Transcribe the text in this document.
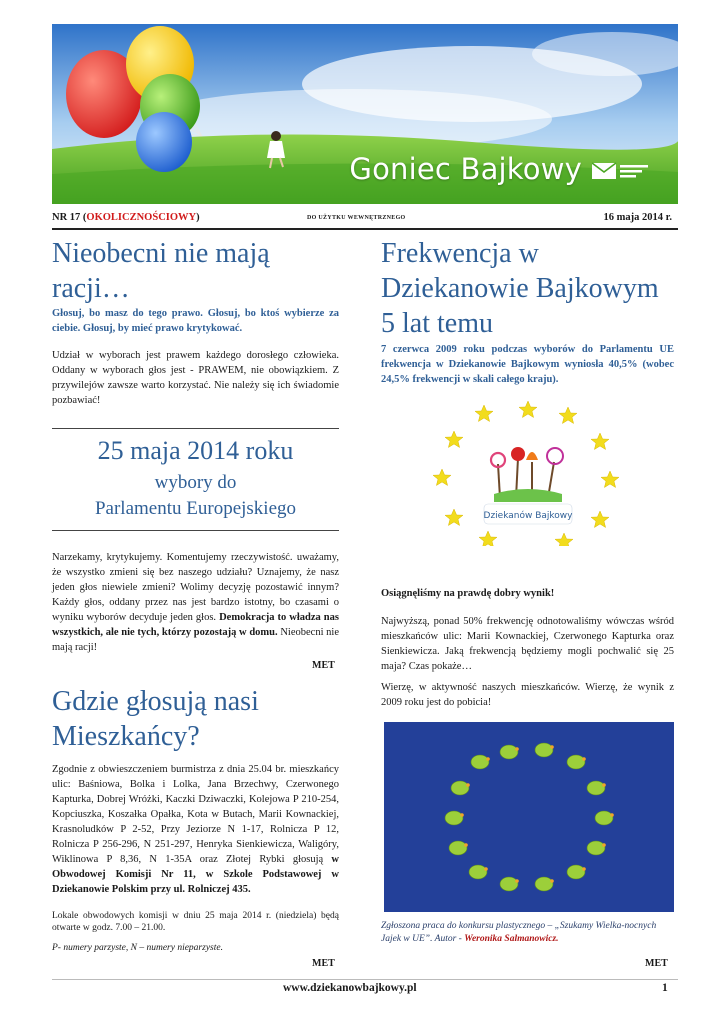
Goniec Bajkowy
NR 17 (OKOLICZNOŚCIOWY)	DO UŻYTKU WEWNĘTRZNEGO	16 maja 2014 r.
Nieobecni nie mają
racji…
Głosuj, bo masz do tego prawo. Głosuj, bo ktoś wybierze za ciebie. Głosuj, by mieć prawo krytykować.
Udział w wyborach jest prawem każdego dorosłego człowieka. Oddany w wyborach głos jest - PRAWEM, nie obowiązkiem. Z przywilejów zawsze warto korzystać. Nie należy się ich świadomie pozbawiać!
25 maja 2014 roku
wybory do
Parlamentu Europejskiego
Narzekamy, krytykujemy. Komentujemy rzeczywistość. uważamy, że wszystko zmieni się bez naszego udziału? Uznajemy, że nasz jeden głos niewiele zmieni? Wolimy decyzję pozostawić innym? Każdy głos, oddany przez nas jest bardzo istotny, bo czasami o wyniku wyborów decyduje jeden głos. Demokracja to władza nas wszystkich, ale nie tych, którzy pozostają w domu. Nieobecni nie mają racji!
MET
Gdzie głosują nasi
Mieszkańcy?
Zgodnie z obwieszczeniem burmistrza z dnia 25.04 br. mieszkańcy ulic: Baśniowa, Bolka i Lolka, Jana Brzechwy, Czerwonego Kapturka, Dobrej Wróżki, Kaczki Dziwaczki, Kolejowa P 210-254, Kopciuszka, Koszałka Opałka, Kota w Butach, Marii Kownackiej, Krasnoludków P 2-52, Przy Jeziorze N 1-17, Rolnicza P 12, Rolnicza P 256-296, N 251-297, Henryka Sienkiewicza, Waligóry, Wiklinowa P 8,36, N 1-35A oraz Złotej Rybki głosują w Obwodowej Komisji Nr 11, w Szkole Podstawowej w Dziekanowie Polskim przy ul. Rolniczej 435.
Lokale obwodowych komisji w dniu 25 maja 2014 r. (niedziela) będą otwarte w godz. 7.00 – 21.00.
P- numery parzyste, N – numery nieparzyste.
MET
Frekwencja w
Dziekanowie Bajkowym
5 lat temu
7 czerwca 2009 roku podczas wyborów do Parlamentu UE frekwencja w Dziekanowie Bajkowym wyniosła 40,5% (wobec 24,5% frekwencji w skali całego kraju).
Dziekanów Bajkowy
Osiągnęliśmy na prawdę dobry wynik!
Najwyższą, ponad 50% frekwencję odnotowaliśmy wówczas wśród mieszkańców ulic: Marii Kownackiej, Czerwonego Kapturka oraz Sienkiewicza. Jaką frekwencją będziemy mogli pochwalić się 25 maja? Czas pokaże…
Wierzę, w aktywność naszych mieszkańców. Wierzę, że wynik z 2009 roku jest do pobicia!
Zgłoszona praca do konkursu plastycznego – „Szukamy Wielka-nocnych Jajek w UE”. Autor - Weronika Salmanowicz.
MET
www.dziekanowbajkowy.pl	1
